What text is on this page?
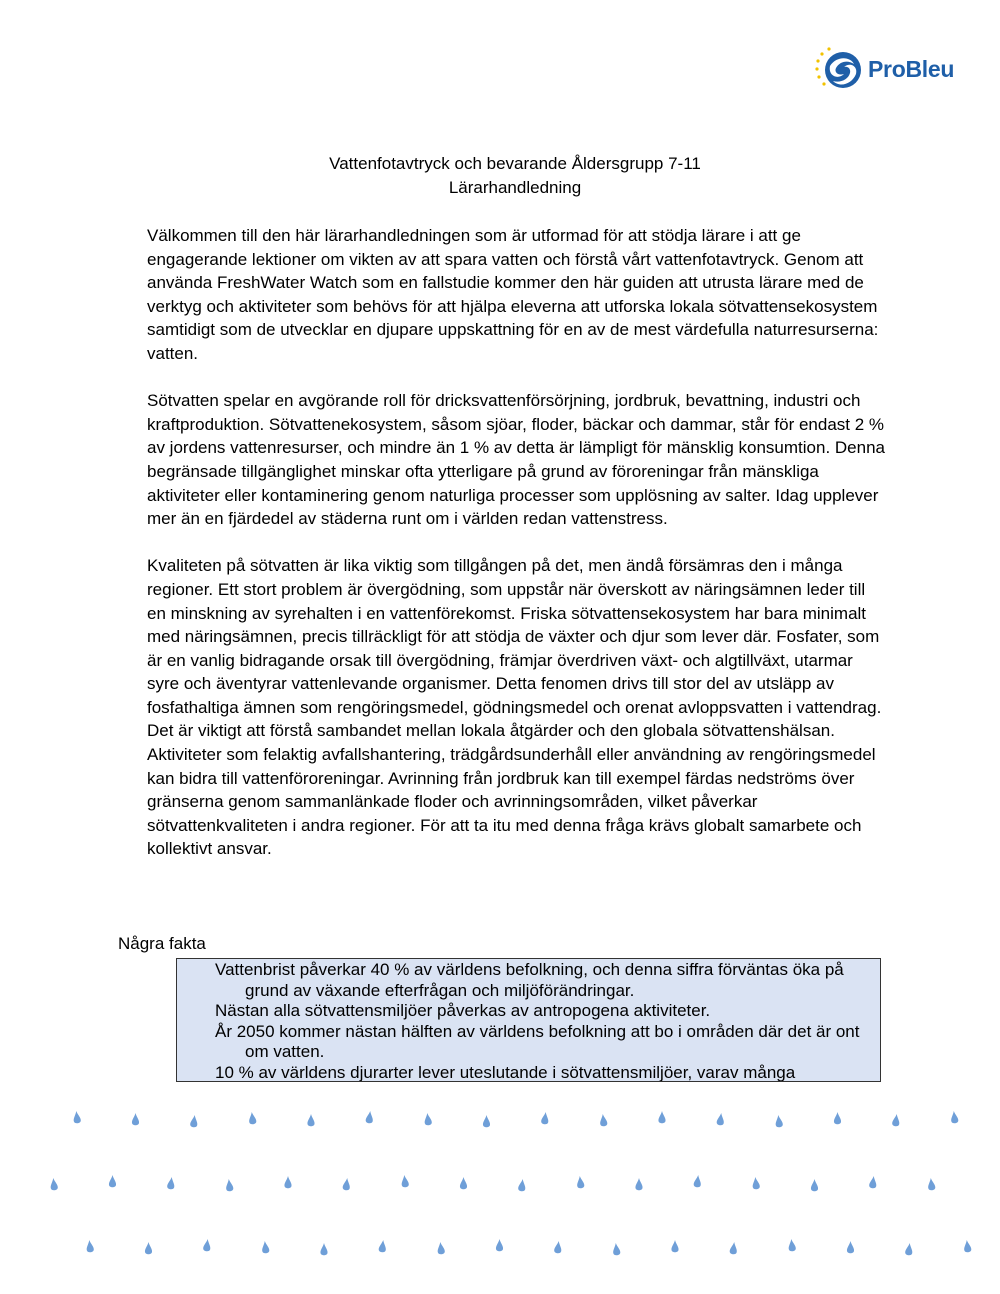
ProBleu
Vattenfotavtryck och bevarande Åldersgrupp 7-11
Lärarhandledning

Välkommen till den här lärarhandledningen som är utformad för att stödja lärare i att ge engagerande lektioner om vikten av att spara vatten och förstå vårt vattenfotavtryck. Genom att använda FreshWater Watch som en fallstudie kommer den här guiden att utrusta lärare med de verktyg och aktiviteter som behövs för att hjälpa eleverna att utforska lokala sötvattensekosystem samtidigt som de utvecklar en djupare uppskattning för en av de mest värdefulla naturresurserna: vatten.

Sötvatten spelar en avgörande roll för dricksvattenförsörjning, jordbruk, bevattning, industri och kraftproduktion. Sötvattenekosystem, såsom sjöar, floder, bäckar och dammar, står för endast 2 % av jordens vattenresurser, och mindre än 1 % av detta är lämpligt för mänsklig konsumtion. Denna begränsade tillgänglighet minskar ofta ytterligare på grund av föroreningar från mänskliga aktiviteter eller kontaminering genom naturliga processer som upplösning av salter. Idag upplever mer än en fjärdedel av städerna runt om i världen redan vattenstress.

Kvaliteten på sötvatten är lika viktig som tillgången på det, men ändå försämras den i många regioner. Ett stort problem är övergödning, som uppstår när överskott av näringsämnen leder till en minskning av syrehalten i en vattenförekomst. Friska sötvattensekosystem har bara minimalt med näringsämnen, precis tillräckligt för att stödja de växter och djur som lever där. Fosfater, som är en vanlig bidragande orsak till övergödning, främjar överdriven växt- och algtillväxt, utarmar syre och äventyrar vattenlevande organismer. Detta fenomen drivs till stor del av utsläpp av fosfathaltiga ämnen som rengöringsmedel, gödningsmedel och orenat avloppsvatten i vattendrag. Det är viktigt att förstå sambandet mellan lokala åtgärder och den globala sötvattenshälsan. Aktiviteter som felaktig avfallshantering, trädgårdsunderhåll eller användning av rengöringsmedel kan bidra till vattenföroreningar. Avrinning från jordbruk kan till exempel färdas nedströms över gränserna genom sammanlänkade floder och avrinningsområden, vilket påverkar sötvattenkvaliteten i andra regioner. För att ta itu med denna fråga krävs globalt samarbete och kollektivt ansvar.

Några fakta

Vattenbrist påverkar 40 % av världens befolkning, och denna siffra förväntas öka på grund av växande efterfrågan och miljöförändringar.

Nästan alla sötvattensmiljöer påverkas av antropogena aktiviteter.

År 2050 kommer nästan hälften av världens befolkning att bo i områden där det är ont om vatten.

10 % av världens djurarter lever uteslutande i sötvattensmiljöer, varav många
